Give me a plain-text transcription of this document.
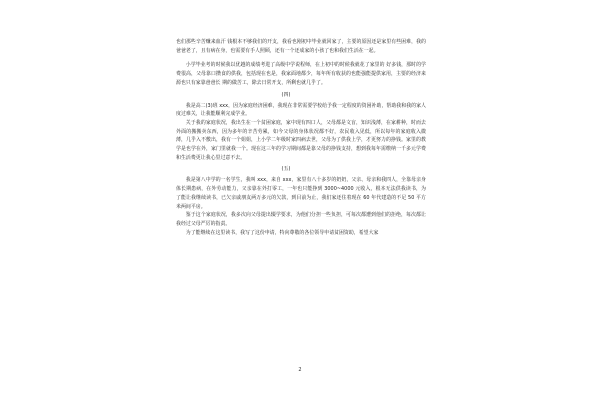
也们那些辛苦赚来血汗 钱根本不够我们的开支，我看也刚初中毕业就回家了，主要的原因还是家里有些困难，我的爸爸老了，且有病在身，也需要有手人照顾，还有一个还成家的小孩了也和我们生活在一起。

小学毕业考的时候我以优越的成绩考进了高级中学说程师，在上初中的时候我就花了家里的 好多钱，那时的学费很高，父母靠口攒食的供我，包括现在也是，我家面地都少，每年所有收获的也能强能提供家用，主要的经济来源也只有家靠爸爸长 期的做苦工，除去日常开支，所剩也就几乎了。

(四)

我是高二(3)班 xxx，因为家庭经济困难，我现在非常需要学校给予我一定程度的资困补助，帮助我和我的家人度过难关，让我能顺利完成学业。

关于我的家庭状况，我出生在一个贫困家庭，家中现有四口人，父母都是文盲，知识浅薄，在家耕种，时而去外面的搬搬卖东西，因为多年的辛苦劳累，如今父母的身体状况都不好，农民收入见低，所以每年的家庭收入微薄，几乎入不敷出，我有一个姐姐，上小学二年级时家四病去世，父母为了供我上学，才更努力的挣钱。家里的教学是也学在外，家门里就我一个。现在这三年的学习期间都是靠父母的挣钱支持，想到我每年需缴纳一千多元学费和生活费更让我心里过意不去。

(五)

我是第八中学的一名学生，我叫 xxx，来自 xxx，家里有八十多岁的奶奶，父亲、母亲和我四人，全靠母亲身体长期患病，在外劳动能力，父亲靠在外打零工，一年也只能挣到 3000~4000 元收入，根本无法供我读书，为了能让我继续读书，已欠亲戚朋友两万多元的欠款，到目前为止，我们家还住着现在 60 年代建造的不足 50 平方米两间平房。

鉴于这个家庭状况，我多次向父母提出辍学要求，为他们分担一些负担，可每次都遭到他们的拒绝，每次都让我经过父母严厉的指责。

为了能继续在这里读书，我写了这份申请，特向尊敬的各位领导申请贫困资助，希望大家

2
